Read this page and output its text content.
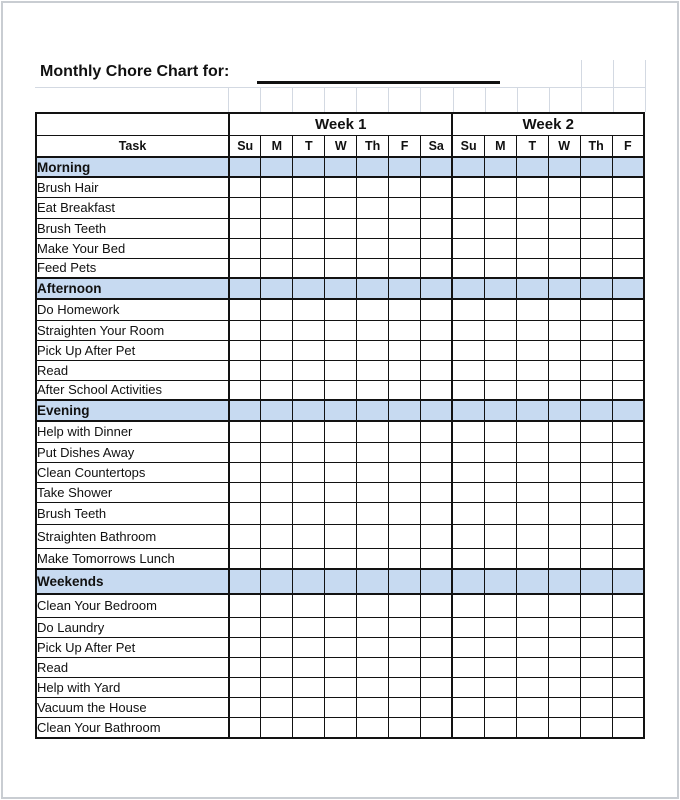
Monthly Chore Chart for:
	Week 1							Week 2					
Task	Su	M	T	W	Th	F	Sa	Su	M	T	W	Th	F
Morning													
Brush Hair													
Eat Breakfast													
Brush Teeth													
Make Your Bed													
Feed Pets													
Afternoon													
Do Homework													
Straighten Your Room													
Pick Up After Pet													
Read													
After School Activities													
Evening													
Help with Dinner													
Put Dishes Away													
Clean Countertops													
Take Shower													
Brush Teeth													
Straighten Bathroom													
Make Tomorrows Lunch													
Weekends													
Clean Your Bedroom													
Do Laundry													
Pick Up After Pet													
Read													
Help with Yard													
Vacuum the House													
Clean Your Bathroom													
